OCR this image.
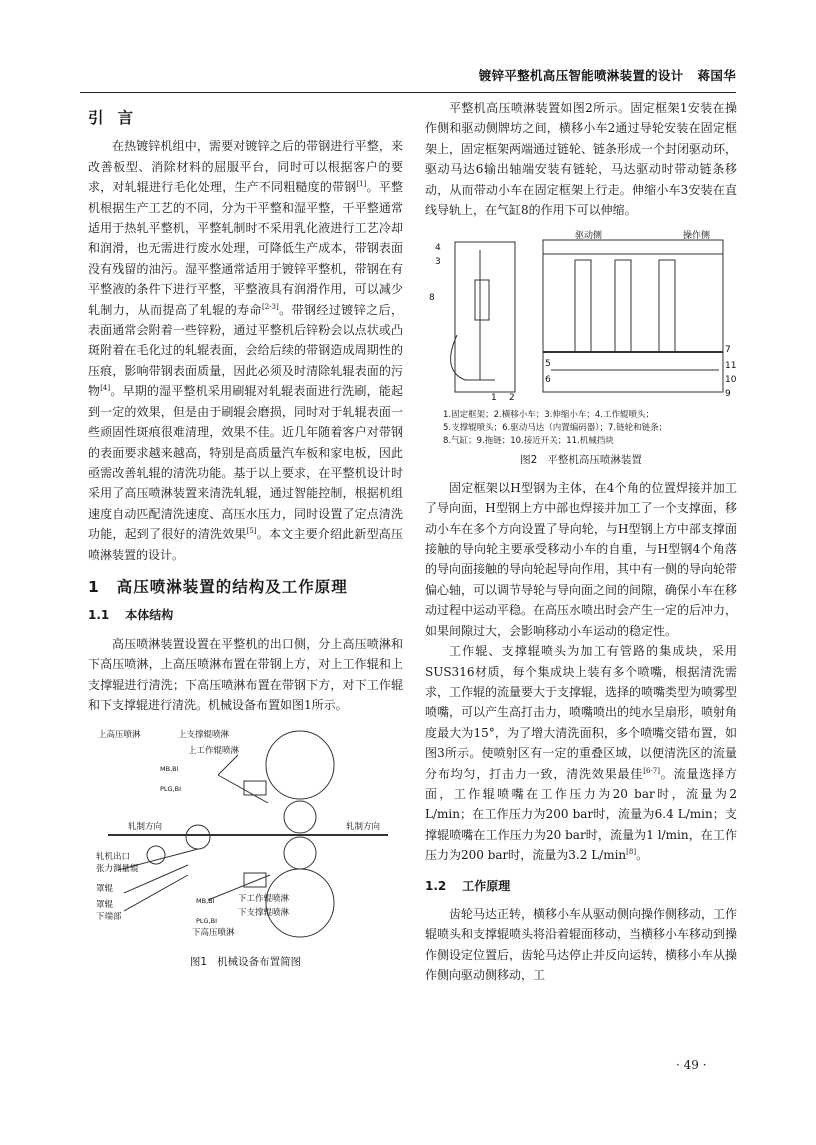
镀锌平整机高压智能喷淋装置的设计 蒋国华
引言

在热镀锌机组中，需要对镀锌之后的带钢进行平整，来改善板型、消除材料的屈服平台，同时可以根据客户的要求，对轧辊进行毛化处理，生产不同粗糙度的带钢[1]。平整机根据生产工艺的不同，分为干平整和湿平整，干平整通常适用于热轧平整机，平整轧制时不采用乳化液进行工艺冷却和润滑，也无需进行废水处理，可降低生产成本，带钢表面没有残留的油污。湿平整通常适用于镀锌平整机，带钢在有平整液的条件下进行平整，平整液具有润滑作用，可以减少轧制力，从而提高了轧辊的寿命[2-3]。带钢经过镀锌之后，表面通常会附着一些锌粉，通过平整机后锌粉会以点状或凸斑附着在毛化过的轧辊表面，会给后续的带钢造成周期性的压痕，影响带钢表面质量，因此必须及时清除轧辊表面的污物[4]。早期的湿平整机采用刷辊对轧辊表面进行洗刷，能起到一定的效果，但是由于刷辊会磨损，同时对于轧辊表面一些顽固性斑痕很难清理，效果不佳。近几年随着客户对带钢的表面要求越来越高，特别是高质量汽车板和家电板，因此亟需改善轧辊的清洗功能。基于以上要求，在平整机设计时采用了高压喷淋装置来清洗轧辊，通过智能控制，根据机组速度自动匹配清洗速度、高压水压力，同时设置了定点清洗功能，起到了很好的清洗效果[5]。本文主要介绍此新型高压喷淋装置的设计。

1 高压喷淋装置的结构及工作原理
1.1 本体结构

高压喷淋装置设置在平整机的出口侧，分上高压喷淋和下高压喷淋，上高压喷淋布置在带钢上方，对上工作辊和上支撑辊进行清洗；下高压喷淋布置在带钢下方，对下工作辊和下支撑辊进行清洗。机械设备布置如图1所示。

上高压喷淋	上支撑辊喷淋
上工作辊喷淋
MB,BI
PLG,BI
轧制方向	轧制方向
轧机出口
张力测量辊
罩辊
罩辊
下端部
MB,BI
PLG,BI
下工作辊喷淋
下支撑辊喷淋
下高压喷淋
图1 机械设备布置简图

平整机高压喷淋装置如图2所示。固定框架1安装在操作侧和驱动侧牌坊之间，横移小车2通过导轮安装在固定框架上，固定框架两端通过链轮、链条形成一个封闭驱动环，驱动马达6输出轴端安装有链轮，马达驱动时带动链条移动，从而带动小车在固定框架上行走。伸缩小车3安装在直线导轨上，在气缸8的作用下可以伸缩。

驱动侧	操作侧
4
3
8
1 2
5
7
11
6	10
9
1.固定框架；2.横移小车；3.伸缩小车；4.工作辊喷头；
5.支撑辊喷头；6.驱动马达（内置编码器）；7.链轮和链条；
8.气缸；9.拖链；10.接近开关；11.机械挡块
图2 平整机高压喷淋装置

固定框架以H型钢为主体，在4个角的位置焊接并加工了导向面，H型钢上方中部也焊接并加工了一个支撑面，移动小车在多个方向设置了导向轮，与H型钢上方中部支撑面接触的导向轮主要承受移动小车的自重，与H型钢4个角落的导向面接触的导向轮起导向作用，其中有一侧的导向轮带偏心轴，可以调节导轮与导向面之间的间隙，确保小车在移动过程中运动平稳。在高压水喷出时会产生一定的后冲力，如果间隙过大，会影响移动小车运动的稳定性。

工作辊、支撑辊喷头为加工有管路的集成块，采用SUS316材质，每个集成块上装有多个喷嘴，根据清洗需求，工作辊的流量要大于支撑辊，选择的喷嘴类型为喷雾型喷嘴，可以产生高打击力，喷嘴喷出的纯水呈扇形，喷射角度最大为15°，为了增大清洗面积，多个喷嘴交错布置，如图3所示。使喷射区有一定的重叠区域，以便清洗区的流量分布均匀，打击力一致，清洗效果最佳[6-7]。流量选择方面，工作辊喷嘴在工作压力为20 bar时，流量为2 L/min；在工作压力为200 bar时，流量为6.4 L/min；支撑辊喷嘴在工作压力为20 bar时，流量为1 l/min，在工作压力为200 bar时，流量为3.2 L/min[8]。

1.2 工作原理

齿轮马达正转，横移小车从驱动侧向操作侧移动，工作辊喷头和支撑辊喷头将沿着辊面移动，当横移小车移动到操作侧设定位置后，齿轮马达停止并反向运转，横移小车从操作侧向驱动侧移动，工

· 49 ·
